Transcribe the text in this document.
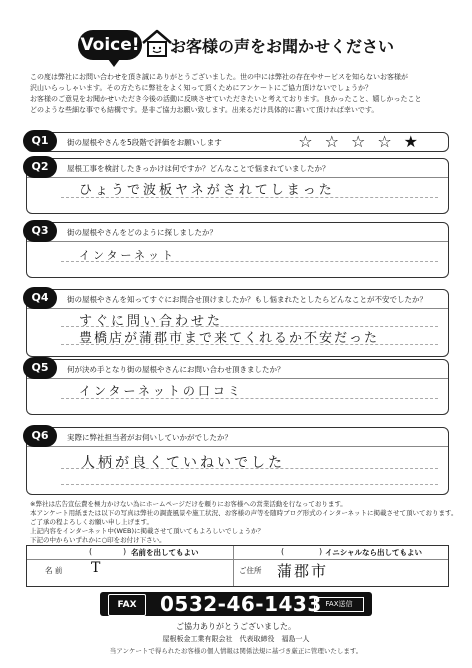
Voice! お客様の声をお聞かせください

この度は弊社にお問い合わせを頂き誠にありがとうございました。世の中には弊社の存在やサービスを知らないお客様が

沢山いらっしゃいます。その方たちに弊社をよく知って頂くためにアンケートにご協力頂けないでしょうか？

お客様のご意見をお聞かせいただき今後の活動に反映させていただきたいと考えております。良かったこと、嬉しかったこと

どのような些細な事でも結構です。是非ご協力お願い致します。出来るだけ具体的に書いて頂ければ幸いです。

Q1	街の屋根やさんを5段階で評価をお願いします	☆☆☆☆★
Q2	屋根工事を検討したきっかけは何ですか？どんなことで悩まれていましたか？
ひょうで波板ヤネがされてしまった
Q3	街の屋根やさんをどのように探しましたか？
インターネット
Q4	街の屋根やさんを知ってすぐにお問合せ頂けましたか？もし悩まれたとしたらどんなことが不安でしたか？
すぐに問い合わせた
豊橋店が蒲郡市まで来てくれるか不安だった
Q5	何が決め手となり街の屋根やさんにお問い合わせ頂きましたか？
インターネットの口コミ
Q6	実際に弊社担当者がお伺いしていかがでしたか？
人柄が良くていねいでした
※弊社は広告宣伝費を極力かけない為にホームページだけを頼りにお客様への営業活動を行なっております。
本アンケート用紙または以下の写真は弊社の調査風景や施工状況、お客様の声等を随時ブログ形式のインターネットに掲載させて頂いております。
ご了承の程よろしくお願い申し上げます。
上記内容をインターネット中(WEB)に掲載させて頂いてもよろしいでしょうか？
下記の中からいずれかに○印をお付け下さい。
(	) 名前を出してもよい	(	) イニシャルなら出してもよい
名 前 T	ご住所 蒲郡市
FAX	0532-46-1433 FAX送信
ご協力ありがとうございました。
屋根板金工業有限会社　代表取締役　福島一人
当アンケートで得られたお客様の個人情報は関係法規に基づき厳正に管理いたします。
